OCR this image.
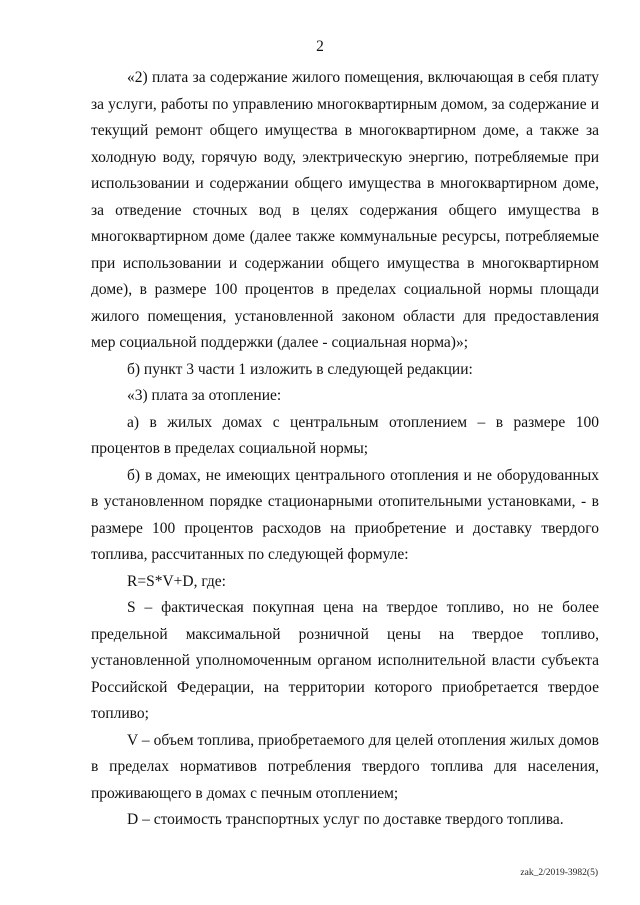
2

«2) плата за содержание жилого помещения, включающая в себя плату за услуги, работы по управлению многоквартирным домом, за содержание и текущий ремонт общего имущества в многоквартирном доме, а также за холодную воду, горячую воду, электрическую энергию, потребляемые при использовании и содержании общего имущества в многоквартирном доме, за отведение сточных вод в целях содержания общего имущества в многоквартирном доме (далее также коммунальные ресурсы, потребляемые при использовании и содержании общего имущества в многоквартирном доме), в размере 100 процентов в пределах социальной нормы площади жилого помещения, установленной законом области для предоставления мер социальной поддержки (далее - социальная норма)»;

б) пункт 3 части 1 изложить в следующей редакции:

«3) плата за отопление:

а) в жилых домах с центральным отоплением – в размере 100 процентов в пределах социальной нормы;

б) в домах, не имеющих центрального отопления и не оборудованных в установленном порядке стационарными отопительными установками, - в размере 100 процентов расходов на приобретение и доставку твердого топлива, рассчитанных по следующей формуле:

R=S*V+D, где:

S – фактическая покупная цена на твердое топливо, но не более предельной максимальной розничной цены на твердое топливо, установленной уполномоченным органом исполнительной власти субъекта Российской Федерации, на территории которого приобретается твердое топливо;

V – объем топлива, приобретаемого для целей отопления жилых домов в пределах нормативов потребления твердого топлива для населения, проживающего в домах с печным отоплением;

D – стоимость транспортных услуг по доставке твердого топлива.

zak_2/2019-3982(5)
